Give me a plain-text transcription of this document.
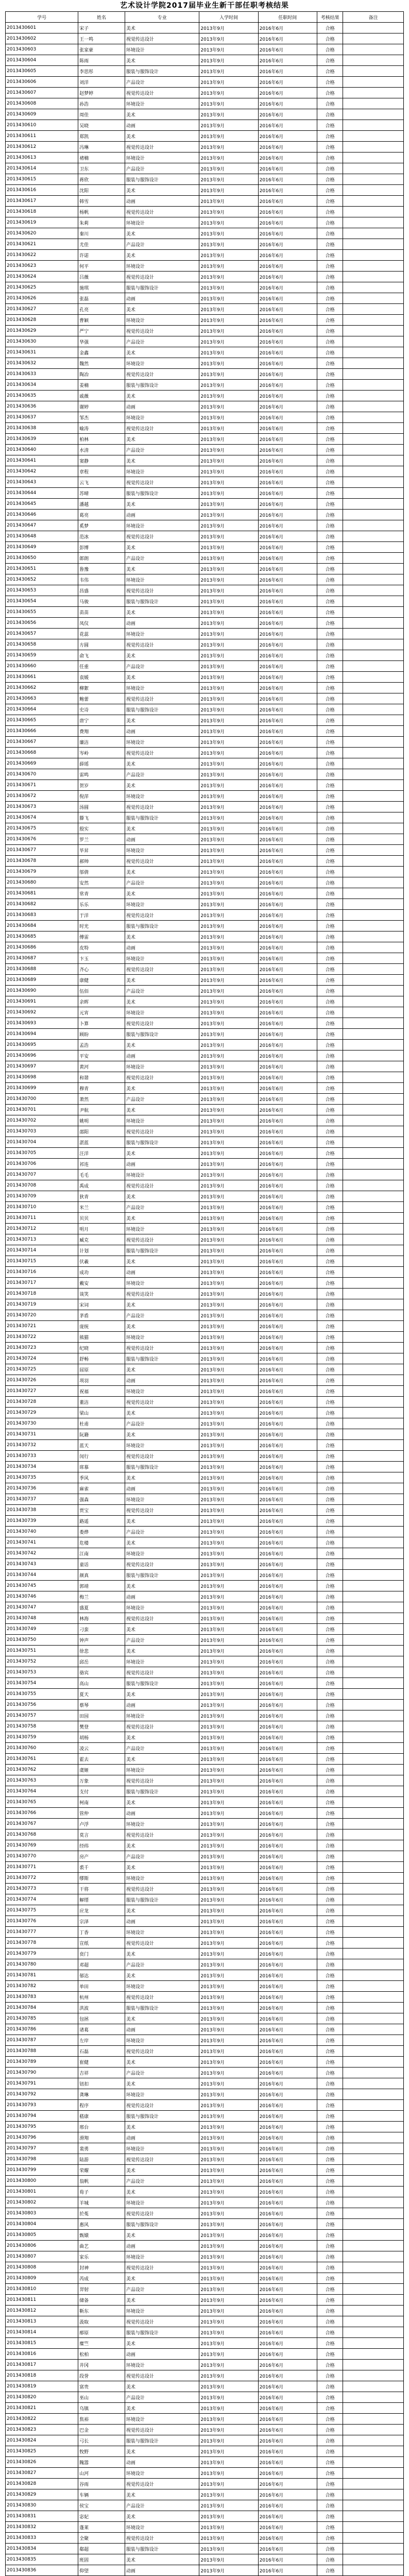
艺术设计学院2017届毕业生新干部任职考核结果
学号	姓名	专业	入学时间	任职时间	考核结果	备注
2013430601	宋子	美术	2013年9月	2016年6月	合格	
2013430602	王一鸣	视觉传达设计	2013年9月	2016年6月	合格	
2013430603	张家豪	环境设计	2013年9月	2016年6月	合格	
2013430604	陈雨	美术	2013年9月	2016年6月	合格	
2013430605	李思彤	服装与服饰设计	2013年9月	2016年6月	合格	
2013430606	刘洋	产品设计	2013年9月	2016年6月	合格	
2013430607	赵梦婷	视觉传达设计	2013年9月	2016年6月	合格	
2013430608	孙浩	环境设计	2013年9月	2016年6月	合格	
2013430609	周佳	美术	2013年9月	2016年6月	合格	
2013430610	吴晓	动画	2013年9月	2016年6月	合格	
2013430611	郑凯	美术	2013年9月	2016年6月	合格	
2013430612	冯琳	视觉传达设计	2013年9月	2016年6月	合格	
2013430613	褚楠	环境设计	2013年9月	2016年6月	合格	
2013430614	卫东	产品设计	2013年9月	2016年6月	合格	
2013430615	蒋欣	服装与服饰设计	2013年9月	2016年6月	合格	
2013430616	沈阳	美术	2013年9月	2016年6月	合格	
2013430617	韩雪	动画	2013年9月	2016年6月	合格	
2013430618	杨帆	视觉传达设计	2013年9月	2016年6月	合格	
2013430619	朱莉	环境设计	2013年9月	2016年6月	合格	
2013430620	秦川	美术	2013年9月	2016年6月	合格	
2013430621	尤佳	产品设计	2013年9月	2016年6月	合格	
2013430622	许诺	美术	2013年9月	2016年6月	合格	
2013430623	何平	环境设计	2013年9月	2016年6月	合格	
2013430624	吕薇	视觉传达设计	2013年9月	2016年6月	合格	
2013430625	施琪	服装与服饰设计	2013年9月	2016年6月	合格	
2013430626	张磊	动画	2013年9月	2016年6月	合格	
2013430627	孔亮	美术	2013年9月	2016年6月	合格	
2013430628	曹颖	环境设计	2013年9月	2016年6月	合格	
2013430629	严宁	视觉传达设计	2013年9月	2016年6月	合格	
2013430630	华强	产品设计	2013年9月	2016年6月	合格	
2013430631	金鑫	美术	2013年9月	2016年6月	合格	
2013430632	魏然	环境设计	2013年9月	2016年6月	合格	
2013430633	陶冶	视觉传达设计	2013年9月	2016年6月	合格	
2013430634	姜楠	服装与服饰设计	2013年9月	2016年6月	合格	
2013430635	戚薇	美术	2013年9月	2016年6月	合格	
2013430636	谢婷	动画	2013年9月	2016年6月	合格	
2013430637	邹杰	环境设计	2013年9月	2016年6月	合格	
2013430638	喻涛	视觉传达设计	2013年9月	2016年6月	合格	
2013430639	柏林	美术	2013年9月	2016年6月	合格	
2013430640	水清	产品设计	2013年9月	2016年6月	合格	
2013430641	窦静	美术	2013年9月	2016年6月	合格	
2013430642	章程	环境设计	2013年9月	2016年6月	合格	
2013430643	云飞	视觉传达设计	2013年9月	2016年6月	合格	
2013430644	苏晴	服装与服饰设计	2013年9月	2016年6月	合格	
2013430645	潘越	美术	2013年9月	2016年6月	合格	
2013430646	葛亮	动画	2013年9月	2016年6月	合格	
2013430647	奚梦	环境设计	2013年9月	2016年6月	合格	
2013430648	范冰	视觉传达设计	2013年9月	2016年6月	合格	
2013430649	彭博	美术	2013年9月	2016年6月	合格	
2013430650	郎朗	产品设计	2013年9月	2016年6月	合格	
2013430651	鲁豫	美术	2013年9月	2016年6月	合格	
2013430652	韦伟	环境设计	2013年9月	2016年6月	合格	
2013430653	昌盛	视觉传达设计	2013年9月	2016年6月	合格	
2013430654	马骏	服装与服饰设计	2013年9月	2016年6月	合格	
2013430655	苗苗	美术	2013年9月	2016年6月	合格	
2013430656	凤仪	动画	2013年9月	2016年6月	合格	
2013430657	花蕊	环境设计	2013年9月	2016年6月	合格	
2013430658	方圆	视觉传达设计	2013年9月	2016年6月	合格	
2013430659	俞飞	美术	2013年9月	2016年6月	合格	
2013430660	任重	产品设计	2013年9月	2016年6月	合格	
2013430661	袁媛	美术	2013年9月	2016年6月	合格	
2013430662	柳絮	环境设计	2013年9月	2016年6月	合格	
2013430663	鲍蕾	视觉传达设计	2013年9月	2016年6月	合格	
2013430664	史诗	服装与服饰设计	2013年9月	2016年6月	合格	
2013430665	唐宁	美术	2013年9月	2016年6月	合格	
2013430666	费翔	动画	2013年9月	2016年6月	合格	
2013430667	廉洁	环境设计	2013年9月	2016年6月	合格	
2013430668	岑岭	视觉传达设计	2013年9月	2016年6月	合格	
2013430669	薛瑶	美术	2013年9月	2016年6月	合格	
2013430670	雷鸣	产品设计	2013年9月	2016年6月	合格	
2013430671	贺岁	美术	2013年9月	2016年6月	合格	
2013430672	倪萍	环境设计	2013年9月	2016年6月	合格	
2013430673	汤圆	视觉传达设计	2013年9月	2016年6月	合格	
2013430674	滕飞	服装与服饰设计	2013年9月	2016年6月	合格	
2013430675	殷实	美术	2013年9月	2016年6月	合格	
2013430676	罗兰	动画	2013年9月	2016年6月	合格	
2013430677	毕昇	环境设计	2013年9月	2016年6月	合格	
2013430678	郝帅	视觉传达设计	2013年9月	2016年6月	合格	
2013430679	邬倩	美术	2013年9月	2016年6月	合格	
2013430680	安然	产品设计	2013年9月	2016年6月	合格	
2013430681	常青	美术	2013年9月	2016年6月	合格	
2013430682	乐乐	环境设计	2013年9月	2016年6月	合格	
2013430683	于洋	视觉传达设计	2013年9月	2016年6月	合格	
2013430684	时光	服装与服饰设计	2013年9月	2016年6月	合格	
2013430685	傅雷	美术	2013年9月	2016年6月	合格	
2013430686	皮特	动画	2013年9月	2016年6月	合格	
2013430687	卞玉	环境设计	2013年9月	2016年6月	合格	
2013430688	齐心	视觉传达设计	2013年9月	2016年6月	合格	
2013430689	康健	美术	2013年9月	2016年6月	合格	
2013430690	伍佰	产品设计	2013年9月	2016年6月	合格	
2013430691	余晖	美术	2013年9月	2016年6月	合格	
2013430692	元宵	环境设计	2013年9月	2016年6月	合格	
2013430693	卜算	视觉传达设计	2013年9月	2016年6月	合格	
2013430694	顾盼	服装与服饰设计	2013年9月	2016年6月	合格	
2013430695	孟浩	美术	2013年9月	2016年6月	合格	
2013430696	平安	动画	2013年9月	2016年6月	合格	
2013430697	黄河	环境设计	2013年9月	2016年6月	合格	
2013430698	和谐	视觉传达设计	2013年9月	2016年6月	合格	
2013430699	穆青	美术	2013年9月	2016年6月	合格	
2013430700	萧然	产品设计	2013年9月	2016年6月	合格	
2013430701	尹航	美术	2013年9月	2016年6月	合格	
2013430702	姚明	环境设计	2013年9月	2016年6月	合格	
2013430703	邵阳	视觉传达设计	2013年9月	2016年6月	合格	
2013430704	湛蓝	服装与服饰设计	2013年9月	2016年6月	合格	
2013430705	汪洋	美术	2013年9月	2016年6月	合格	
2013430706	祁连	动画	2013年9月	2016年6月	合格	
2013430707	毛毛	环境设计	2013年9月	2016年6月	合格	
2013430708	禹成	视觉传达设计	2013年9月	2016年6月	合格	
2013430709	狄青	美术	2013年9月	2016年6月	合格	
2013430710	米兰	产品设计	2013年9月	2016年6月	合格	
2013430711	贝贝	美术	2013年9月	2016年6月	合格	
2013430712	明月	环境设计	2013年9月	2016年6月	合格	
2013430713	臧克	视觉传达设计	2013年9月	2016年6月	合格	
2013430714	计划	服装与服饰设计	2013年9月	2016年6月	合格	
2013430715	伏羲	美术	2013年9月	2016年6月	合格	
2013430716	成功	动画	2013年9月	2016年6月	合格	
2013430717	戴安	环境设计	2013年9月	2016年6月	合格	
2013430718	谈笑	视觉传达设计	2013年9月	2016年6月	合格	
2013430719	宋词	美术	2013年9月	2016年6月	合格	
2013430720	茅盾	产品设计	2013年9月	2016年6月	合格	
2013430721	庞统	美术	2013年9月	2016年6月	合格	
2013430722	熊猫	环境设计	2013年9月	2016年6月	合格	
2013430723	纪晓	视觉传达设计	2013年9月	2016年6月	合格	
2013430724	舒畅	服装与服饰设计	2013年9月	2016年6月	合格	
2013430725	屈原	美术	2013年9月	2016年6月	合格	
2013430726	项羽	动画	2013年9月	2016年6月	合格	
2013430727	祝福	环境设计	2013年9月	2016年6月	合格	
2013430728	董洁	视觉传达设计	2013年9月	2016年6月	合格	
2013430729	梁山	美术	2013年9月	2016年6月	合格	
2013430730	杜甫	产品设计	2013年9月	2016年6月	合格	
2013430731	阮籍	美术	2013年9月	2016年6月	合格	
2013430732	蓝天	环境设计	2013年9月	2016年6月	合格	
2013430733	闵行	视觉传达设计	2013年9月	2016年6月	合格	
2013430734	席慕	服装与服饰设计	2013年9月	2016年6月	合格	
2013430735	季风	美术	2013年9月	2016年6月	合格	
2013430736	麻雀	动画	2013年9月	2016年6月	合格	
2013430737	强森	环境设计	2013年9月	2016年6月	合格	
2013430738	贾宝	视觉传达设计	2013年9月	2016年6月	合格	
2013430739	路遥	美术	2013年9月	2016年6月	合格	
2013430740	娄烨	产品设计	2013年9月	2016年6月	合格	
2013430741	危楼	美术	2013年9月	2016年6月	合格	
2013430742	江南	环境设计	2013年9月	2016年6月	合格	
2013430743	童话	视觉传达设计	2013年9月	2016年6月	合格	
2013430744	颜真	服装与服饰设计	2013年9月	2016年6月	合格	
2013430745	郭靖	美术	2013年9月	2016年6月	合格	
2013430746	梅兰	动画	2013年9月	2016年6月	合格	
2013430747	盛夏	环境设计	2013年9月	2016年6月	合格	
2013430748	林海	视觉传达设计	2013年9月	2016年6月	合格	
2013430749	刁蛮	美术	2013年9月	2016年6月	合格	
2013430750	钟声	产品设计	2013年9月	2016年6月	合格	
2013430751	徐悲	美术	2013年9月	2016年6月	合格	
2013430752	邱岳	环境设计	2013年9月	2016年6月	合格	
2013430753	骆宾	视觉传达设计	2013年9月	2016年6月	合格	
2013430754	高山	服装与服饰设计	2013年9月	2016年6月	合格	
2013430755	夏天	美术	2013年9月	2016年6月	合格	
2013430756	蔡琴	动画	2013年9月	2016年6月	合格	
2013430757	田园	环境设计	2013年9月	2016年6月	合格	
2013430758	樊登	视觉传达设计	2013年9月	2016年6月	合格	
2013430759	胡杨	美术	2013年9月	2016年6月	合格	
2013430760	凌云	产品设计	2013年9月	2016年6月	合格	
2013430761	霍去	美术	2013年9月	2016年6月	合格	
2013430762	虞姬	环境设计	2013年9月	2016年6月	合格	
2013430763	万象	视觉传达设计	2013年9月	2016年6月	合格	
2013430764	支付	服装与服饰设计	2013年9月	2016年6月	合格	
2013430765	柯南	美术	2013年9月	2016年6月	合格	
2013430766	管仲	动画	2013年9月	2016年6月	合格	
2013430767	卢浮	环境设计	2013年9月	2016年6月	合格	
2013430768	莫言	视觉传达设计	2013年9月	2016年6月	合格	
2013430769	经纬	美术	2013年9月	2016年6月	合格	
2013430770	房产	产品设计	2013年9月	2016年6月	合格	
2013430771	裘千	美术	2013年9月	2016年6月	合格	
2013430772	缪斯	环境设计	2013年9月	2016年6月	合格	
2013430773	干将	视觉传达设计	2013年9月	2016年6月	合格	
2013430774	解缙	服装与服饰设计	2013年9月	2016年6月	合格	
2013430775	应龙	美术	2013年9月	2016年6月	合格	
2013430776	宗泽	动画	2013年9月	2016年6月	合格	
2013430777	丁香	环境设计	2013年9月	2016年6月	合格	
2013430778	宣纸	视觉传达设计	2013年9月	2016年6月	合格	
2013430779	贲门	美术	2013年9月	2016年6月	合格	
2013430780	邓超	产品设计	2013年9月	2016年6月	合格	
2013430781	郁达	美术	2013年9月	2016年6月	合格	
2013430782	单田	环境设计	2013年9月	2016年6月	合格	
2013430783	杭州	视觉传达设计	2013年9月	2016年6月	合格	
2013430784	洪波	服装与服饰设计	2013年9月	2016年6月	合格	
2013430785	包拯	美术	2013年9月	2016年6月	合格	
2013430786	诸葛	动画	2013年9月	2016年6月	合格	
2013430787	左岸	环境设计	2013年9月	2016年6月	合格	
2013430788	石磊	视觉传达设计	2013年9月	2016年6月	合格	
2013430789	崔健	美术	2013年9月	2016年6月	合格	
2013430790	吉祥	产品设计	2013年9月	2016年6月	合格	
2013430791	钮扣	美术	2013年9月	2016年6月	合格	
2013430792	龚琳	环境设计	2013年9月	2016年6月	合格	
2013430793	程序	视觉传达设计	2013年9月	2016年6月	合格	
2013430794	嵇康	服装与服饰设计	2013年9月	2016年6月	合格	
2013430795	邢台	美术	2013年9月	2016年6月	合格	
2013430796	滑翔	动画	2013年9月	2016年6月	合格	
2013430797	裴勇	环境设计	2013年9月	2016年6月	合格	
2013430798	陆游	视觉传达设计	2013年9月	2016年6月	合格	
2013430799	荣耀	美术	2013年9月	2016年6月	合格	
2013430800	翁帆	产品设计	2013年9月	2016年6月	合格	
2013430801	荀子	美术	2013年9月	2016年6月	合格	
2013430802	羊城	环境设计	2013年9月	2016年6月	合格	
2013430803	於菟	视觉传达设计	2013年9月	2016年6月	合格	
2013430804	惠风	服装与服饰设计	2013年9月	2016年6月	合格	
2013430805	甄嬛	美术	2013年9月	2016年6月	合格	
2013430806	曲艺	动画	2013年9月	2016年6月	合格	
2013430807	家乐	环境设计	2013年9月	2016年6月	合格	
2013430808	封神	视觉传达设计	2013年9月	2016年6月	合格	
2013430809	芮成	美术	2013年9月	2016年6月	合格	
2013430810	羿射	产品设计	2013年9月	2016年6月	合格	
2013430811	储备	美术	2013年9月	2016年6月	合格	
2013430812	靳东	环境设计	2013年9月	2016年6月	合格	
2013430813	汲取	视觉传达设计	2013年9月	2016年6月	合格	
2013430814	邴原	服装与服饰设计	2013年9月	2016年6月	合格	
2013430815	糜竺	美术	2013年9月	2016年6月	合格	
2013430816	松柏	动画	2013年9月	2016年6月	合格	
2013430817	井冈	环境设计	2013年9月	2016年6月	合格	
2013430818	段誉	视觉传达设计	2013年9月	2016年6月	合格	
2013430819	富贵	美术	2013年9月	2016年6月	合格	
2013430820	巫山	产品设计	2013年9月	2016年6月	合格	
2013430821	乌镇	美术	2013年9月	2016年6月	合格	
2013430822	焦裕	环境设计	2013年9月	2016年6月	合格	
2013430823	巴金	视觉传达设计	2013年9月	2016年6月	合格	
2013430824	弓长	服装与服饰设计	2013年9月	2016年6月	合格	
2013430825	牧野	美术	2013年9月	2016年6月	合格	
2013430826	隗嚣	动画	2013年9月	2016年6月	合格	
2013430827	山河	环境设计	2013年9月	2016年6月	合格	
2013430828	谷雨	视觉传达设计	2013年9月	2016年6月	合格	
2013430829	车辆	美术	2013年9月	2016年6月	合格	
2013430830	侯宝	产品设计	2013年9月	2016年6月	合格	
2013430831	宓妃	美术	2013年9月	2016年6月	合格	
2013430832	蓬莱	环境设计	2013年9月	2016年6月	合格	
2013430833	全聚	视觉传达设计	2013年9月	2016年6月	合格	
2013430834	郗超	服装与服饰设计	2013年9月	2016年6月	合格	
2013430835	班固	美术	2013年9月	2016年6月	合格	
2013430836	仰望	动画	2013年9月	2016年6月	合格	
